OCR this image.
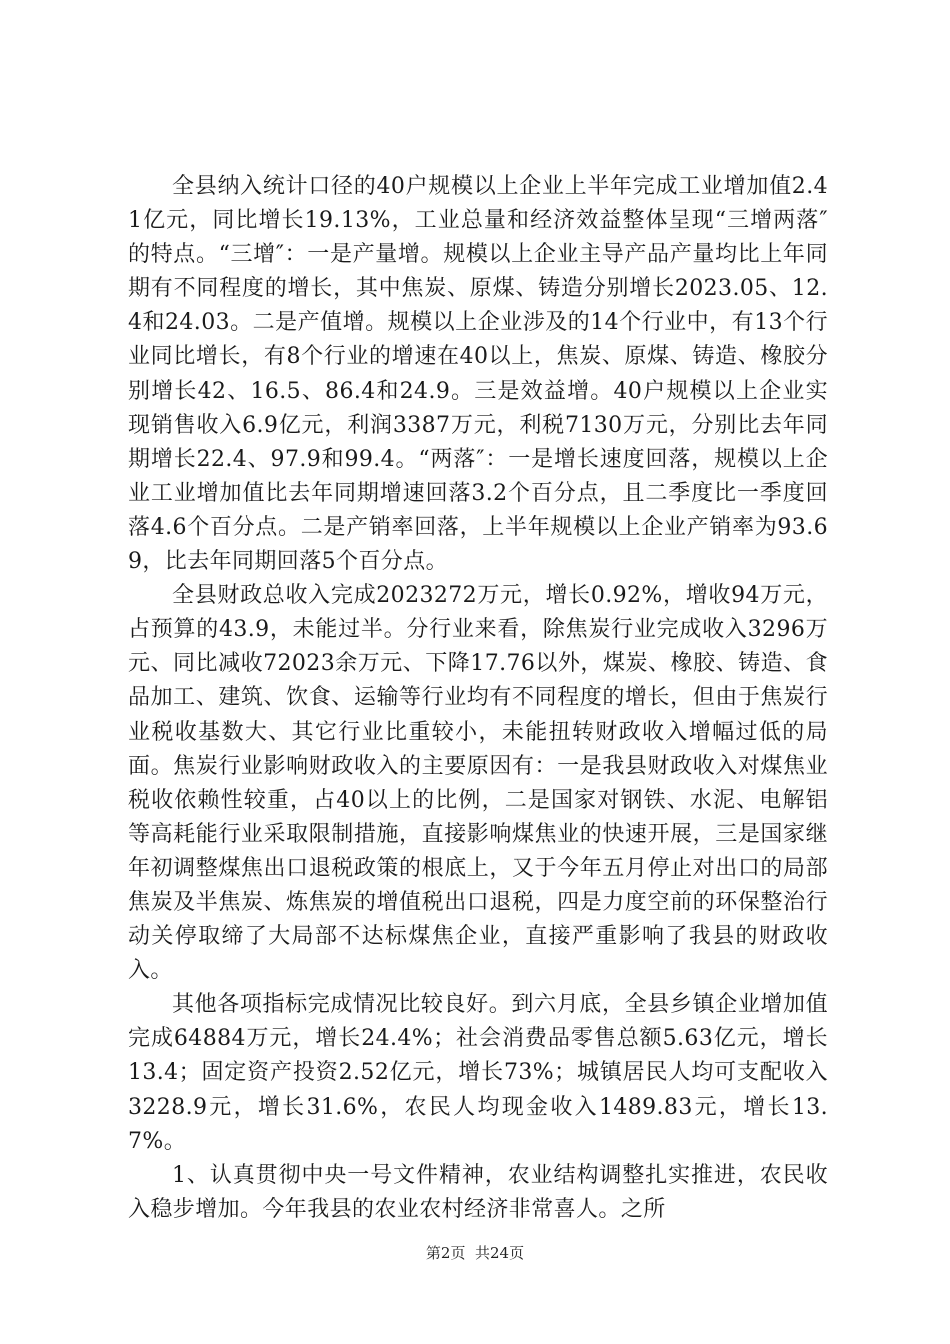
全县纳入统计口径的40户规模以上企业上半年完成工业增加值2.41亿元，同比增长19.13%，工业总量和经济效益整体呈现“三增两落″的特点。“三增″：一是产量增。规模以上企业主导产品产量均比上年同期有不同程度的增长，其中焦炭、原煤、铸造分别增长2023.05、12.4和24.03。二是产值增。规模以上企业涉及的14个行业中，有13个行业同比增长，有8个行业的增速在40以上，焦炭、原煤、铸造、橡胶分别增长42、16.5、86.4和24.9。三是效益增。40户规模以上企业实现销售收入6.9亿元，利润3387万元，利税7130万元，分别比去年同期增长22.4、97.9和99.4。“两落″：一是增长速度回落，规模以上企业工业增加值比去年同期增速回落3.2个百分点，且二季度比一季度回落4.6个百分点。二是产销率回落，上半年规模以上企业产销率为93.69，比去年同期回落5个百分点。

全县财政总收入完成2023272万元，增长0.92%，增收94万元，占预算的43.9，未能过半。分行业来看，除焦炭行业完成收入3296万元、同比减收72023余万元、下降17.76以外，煤炭、橡胶、铸造、食品加工、建筑、饮食、运输等行业均有不同程度的增长，但由于焦炭行业税收基数大、其它行业比重较小，未能扭转财政收入增幅过低的局面。焦炭行业影响财政收入的主要原因有：一是我县财政收入对煤焦业税收依赖性较重，占40以上的比例，二是国家对钢铁、水泥、电解铝等高耗能行业采取限制措施，直接影响煤焦业的快速开展，三是国家继年初调整煤焦出口退税政策的根底上，又于今年五月停止对出口的局部焦炭及半焦炭、炼焦炭的增值税出口退税，四是力度空前的环保整治行动关停取缔了大局部不达标煤焦企业，直接严重影响了我县的财政收入。

其他各项指标完成情况比较良好。到六月底，全县乡镇企业增加值完成64884万元，增长24.4%；社会消费品零售总额5.63亿元，增长13.4；固定资产投资2.52亿元，增长73%；城镇居民人均可支配收入3228.9元，增长31.6%，农民人均现金收入1489.83元，增长13.7%。

1、认真贯彻中央一号文件精神，农业结构调整扎实推进，农民收入稳步增加。今年我县的农业农村经济非常喜人。之所

第2页  共24页
